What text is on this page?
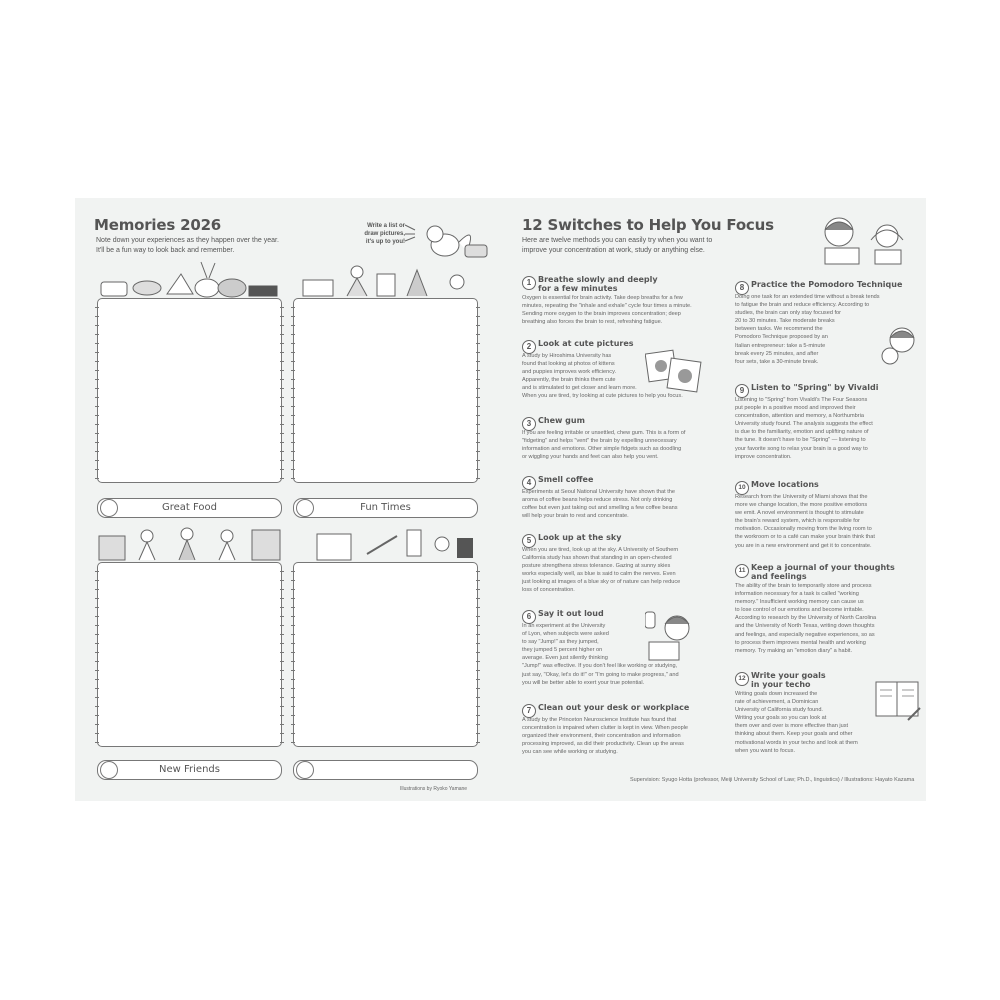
Memories 2026
Note down your experiences as they happen over the year.
It'll be a fun way to look back and remember.
Write a list or
draw pictures,
it's up to you!
Great Food	Fun Times
New Friends
Illustrations by Ryoko Yamane
12 Switches to Help You Focus
Here are twelve methods you can easily try when you want to
improve your concentration at work, study or anything else.
1 Breathe slowly and deeply
for a few minutes
Oxygen is essential for brain activity. Take deep breaths for a few
minutes, repeating the "inhale and exhale" cycle four times a minute.
Sending more oxygen to the brain improves concentration; deep
breathing also forces the brain to rest, refreshing fatigue.
2 Look at cute pictures
A study by Hiroshima University has
found that looking at photos of kittens
and puppies improves work efficiency.
Apparently, the brain thinks them cute
and is stimulated to get closer and learn more.
When you are tired, try looking at cute pictures to help you focus.
3 Chew gum
If you are feeling irritable or unsettled, chew gum. This is a form of
"fidgeting" and helps "vent" the brain by expelling unnecessary
information and emotions. Other simple fidgets such as doodling
or wiggling your hands and feet can also help you vent.
4 Smell coffee
Experiments at Seoul National University have shown that the
aroma of coffee beans helps reduce stress. Not only drinking
coffee but even just taking out and smelling a few coffee beans
will help your brain to rest and concentrate.
5 Look up at the sky
When you are tired, look up at the sky. A University of Southern
California study has shown that standing in an open-chested
posture strengthens stress tolerance. Gazing at sunny skies
works especially well, as blue is said to calm the nerves. Even
just looking at images of a blue sky or of nature can help reduce
loss of concentration.
6 Say it out loud
In an experiment at the University
of Lyon, when subjects were asked
to say "Jump!" as they jumped,
they jumped 5 percent higher on
average. Even just silently thinking
"Jump!" was effective. If you don't feel like working or studying,
just say, "Okay, let's do it!" or "I'm going to make progress," and
you will be better able to exert your true potential.
7 Clean out your desk or workplace
A study by the Princeton Neuroscience Institute has found that
concentration is impaired when clutter is kept in view. When people
organized their environment, their concentration and information
processing improved, as did their productivity. Clean up the areas
you can see while working or studying.
8 Practice the Pomodoro Technique
Doing one task for an extended time without a break tends
to fatigue the brain and reduce efficiency. According to
studies, the brain can only stay focused for
20 to 30 minutes. Take moderate breaks
between tasks. We recommend the
Pomodoro Technique proposed by an
Italian entrepreneur: take a 5-minute
break every 25 minutes, and after
four sets, take a 30-minute break.
9 Listen to "Spring" by Vivaldi
Listening to "Spring" from Vivaldi's The Four Seasons
put people in a positive mood and improved their
concentration, attention and memory, a Northumbria
University study found. The analysis suggests the effect
is due to the familiarity, emotion and uplifting nature of
the tune. It doesn't have to be "Spring" — listening to
your favorite song to relax your brain is a good way to
improve concentration.
10 Move locations
Research from the University of Miami shows that the
more we change location, the more positive emotions
we emit. A novel environment is thought to stimulate
the brain's reward system, which is responsible for
motivation. Occasionally moving from the living room to
the workroom or to a café can make your brain think that
you are in a new environment and get it to concentrate.
11 Keep a journal of your thoughts
and feelings
The ability of the brain to temporarily store and process
information necessary for a task is called "working
memory." Insufficient working memory can cause us
to lose control of our emotions and become irritable.
According to research by the University of North Carolina
and the University of North Texas, writing down thoughts
and feelings, and especially negative experiences, so as
to process them improves mental health and working
memory. Try making an "emotion diary" a habit.
12 Write your goals
in your techo
Writing goals down increased the
rate of achievement, a Dominican
University of California study found.
Writing your goals so you can look at
them over and over is more effective than just
thinking about them. Keep your goals and other
motivational words in your techo and look at them
when you want to focus.
Supervision: Syugo Hotta (professor, Meiji University School of Law; Ph.D., linguistics) / Illustrations: Hayato Kazama
